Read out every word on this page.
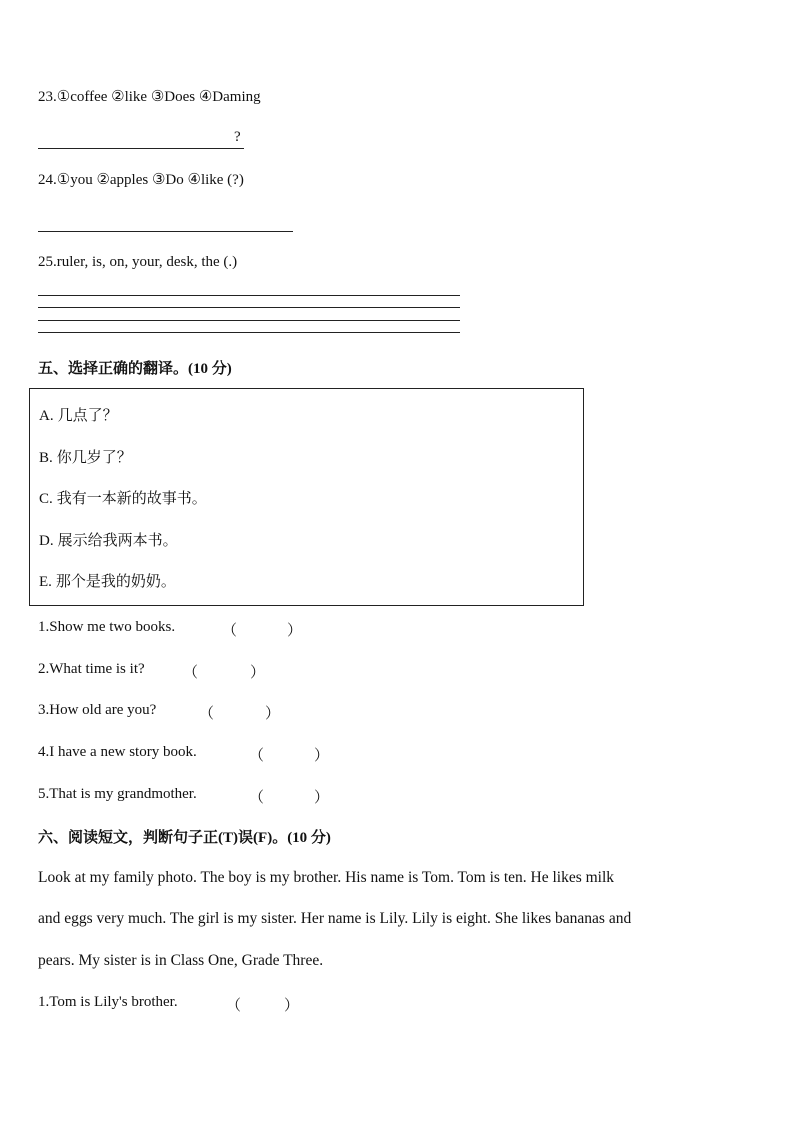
23.①coffee ②like ③Does ④Daming
?
24.①you ②apples ③Do ④like (?)
25.ruler, is, on, your, desk, the (.)
五、选择正确的翻译。(10 分)
A. 几点了？
B. 你几岁了？
C. 我有一本新的故事书。
D. 展示给我两本书。
E. 那个是我的奶奶。
1.Show me two books.	（	）
2.What time is it?	（	）
3.How old are you?	（	）
4.I have a new story book.	（	）
5.That is my grandmother.	（	）
六、阅读短文，判断句子正(T)误(F)。(10 分)
Look at my family photo. The boy is my brother. His name is Tom. Tom is ten. He likes milk
and eggs very much. The girl is my sister. Her name is Lily. Lily is eight. She likes bananas and
pears. My sister is in Class One, Grade Three.
1.Tom is Lily's brother.	（	）
